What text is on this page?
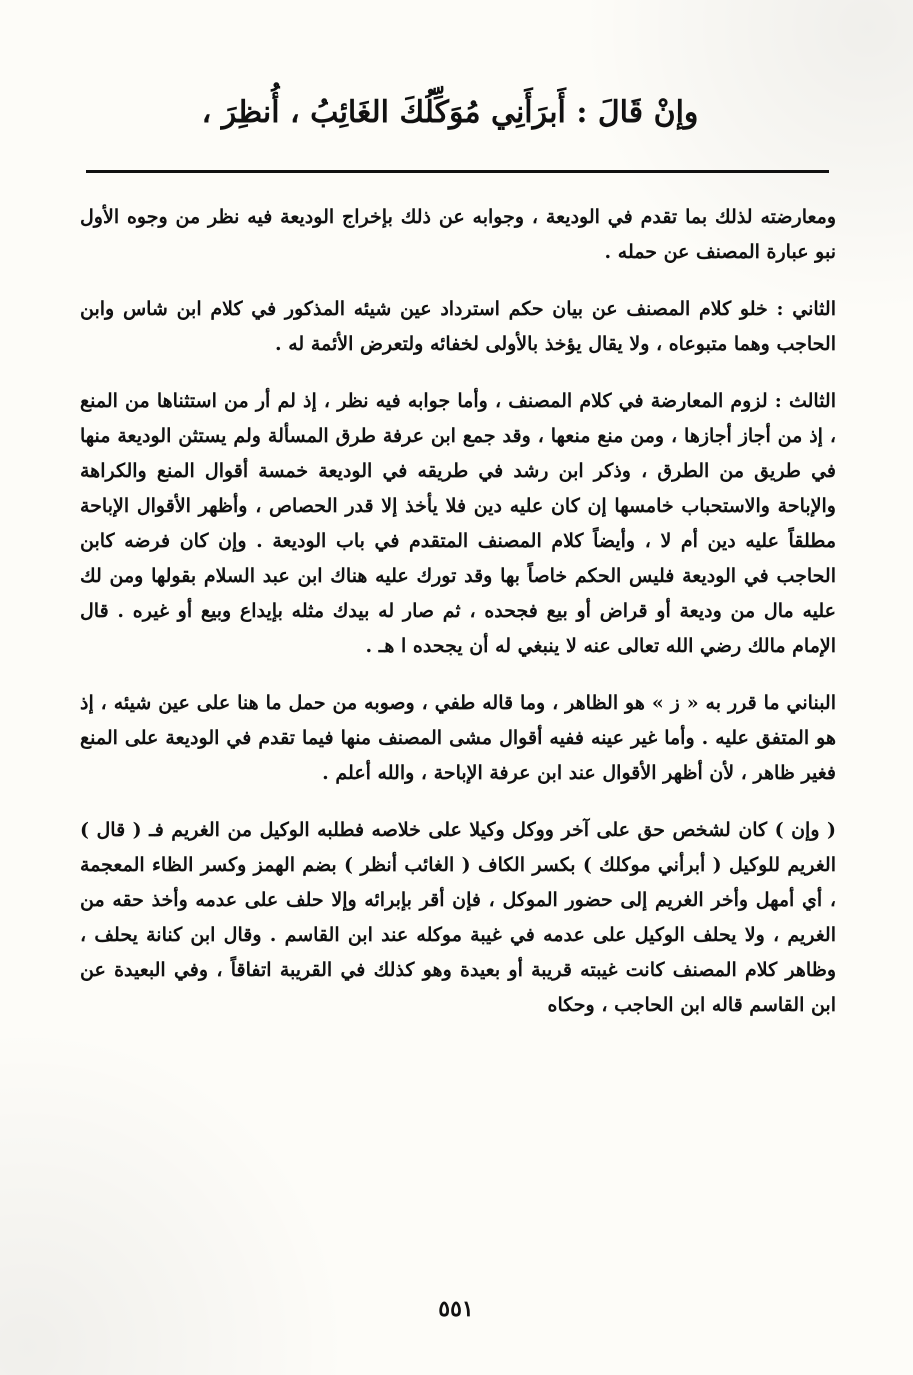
وإنْ قَالَ : أَبرَأَنِي مُوَكِّلُكَ الغَائِبُ ، أُنظِرَ ،

ومعارضته لذلك بما تقدم في الوديعة ، وجوابه عن ذلك بإخراج الوديعة فيه نظر من وجوه الأول نبو عبارة المصنف عن حمله .

الثاني : خلو كلام المصنف عن بيان حكم استرداد عين شيئه المذكور في كلام ابن شاس وابن الحاجب وهما متبوعاه ، ولا يقال يؤخذ بالأولى لخفائه ولتعرض الأئمة له .

الثالث : لزوم المعارضة في كلام المصنف ، وأما جوابه فيه نظر ، إذ لم أر من استثناها من المنع ، إذ من أجاز أجازها ، ومن منع منعها ، وقد جمع ابن عرفة طرق المسألة ولم يستثن الوديعة منها في طريق من الطرق ، وذكر ابن رشد في طريقه في الوديعة خمسة أقوال المنع والكراهة والإباحة والاستحباب خامسها إن كان عليه دين فلا يأخذ إلا قدر الحصاص ، وأظهر الأقوال الإباحة مطلقاً عليه دين أم لا ، وأيضاً كلام المصنف المتقدم في باب الوديعة . وإن كان فرضه كابن الحاجب في الوديعة فليس الحكم خاصاً بها وقد تورك عليه هناك ابن عبد السلام بقولها ومن لك عليه مال من وديعة أو قراض أو بيع فجحده ، ثم صار له بيدك مثله بإيداع وبيع أو غيره . قال الإمام مالك رضي الله تعالى عنه لا ينبغي له أن يجحده ا هـ .

البناني ما قرر به « ز » هو الظاهر ، وما قاله طفي ، وصوبه من حمل ما هنا على عين شيئه ، إذ هو المتفق عليه . وأما غير عينه ففيه أقوال مشى المصنف منها فيما تقدم في الوديعة على المنع فغير ظاهر ، لأن أظهر الأقوال عند ابن عرفة الإباحة ، والله أعلم .

( وإن ) كان لشخص حق على آخر ووكل وكيلا على خلاصه فطلبه الوكيل من الغريم فـ ( قال ) الغريم للوكيل ( أبرأني موكلك ) بكسر الكاف ( الغائب أنظر ) بضم الهمز وكسر الظاء المعجمة ، أي أمهل وأخر الغريم إلى حضور الموكل ، فإن أقر بإبرائه وإلا حلف على عدمه وأخذ حقه من الغريم ، ولا يحلف الوكيل على عدمه في غيبة موكله عند ابن القاسم . وقال ابن كنانة يحلف ، وظاهر كلام المصنف كانت غيبته قريبة أو بعيدة وهو كذلك في القريبة اتفاقاً ، وفي البعيدة عن ابن القاسم قاله ابن الحاجب ، وحكاه

٥٥١
